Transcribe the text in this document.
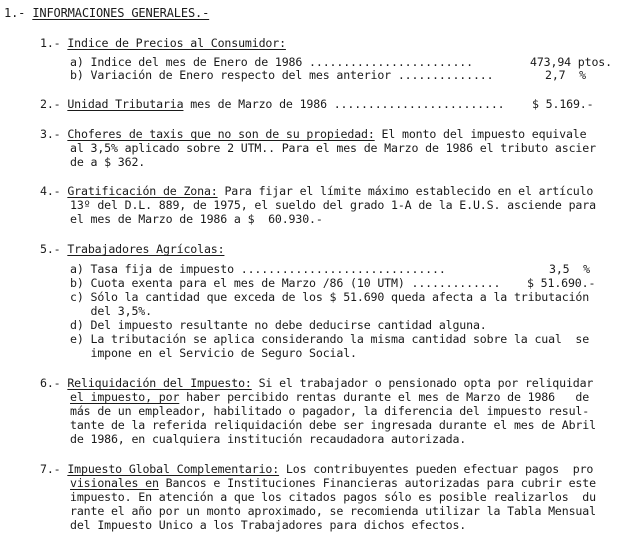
1.- INFORMACIONES GENERALES.-
1.- Indice de Precios al Consumidor:
a) Indice del mes de Enero de 1986 ........................	473,94 ptos.
b) Variación de Enero respecto del mes anterior ..............	2,7  %
2.- Unidad Tributaria mes de Marzo de 1986 ......................... $ 5.169.-
3.- Choferes de taxis que no son de su propiedad: El monto del impuesto equivale
al 3,5% aplicado sobre 2 UTM.. Para el mes de Marzo de 1986 el tributo ascier
de a $ 362.
4.- Gratificación de Zona: Para fijar el límite máximo establecido en el artículo
13º del D.L. 889, de 1975, el sueldo del grado 1-A de la E.U.S. asciende para
el mes de Marzo de 1986 a $  60.930.-
5.- Trabajadores Agrícolas:
a) Tasa fija de impuesto ..............................	3,5  %
b) Cuota exenta para el mes de Marzo /86 (10 UTM) ............. $ 51.690.-
c) Sólo la cantidad que exceda de los $ 51.690 queda afecta a la tributación
del 3,5%.
d) Del impuesto resultante no debe deducirse cantidad alguna.
e) La tributación se aplica considerando la misma cantidad sobre la cual  se
impone en el Servicio de Seguro Social.
6.- Reliquidación del Impuesto: Si el trabajador o pensionado opta por reliquidar
el impuesto, por haber percibido rentas durante el mes de Marzo de 1986   de
más de un empleador, habilitado o pagador, la diferencia del impuesto resul-
tante de la referida reliquidación debe ser ingresada durante el mes de Abril
de 1986, en cualquiera institución recaudadora autorizada.
7.- Impuesto Global Complementario: Los contribuyentes pueden efectuar pagos  pro
visionales en Bancos e Instituciones Financieras autorizadas para cubrir este
impuesto. En atención a que los citados pagos sólo es posible realizarlos  du
rante el año por un monto aproximado, se recomienda utilizar la Tabla Mensual
del Impuesto Unico a los Trabajadores para dichos efectos.
